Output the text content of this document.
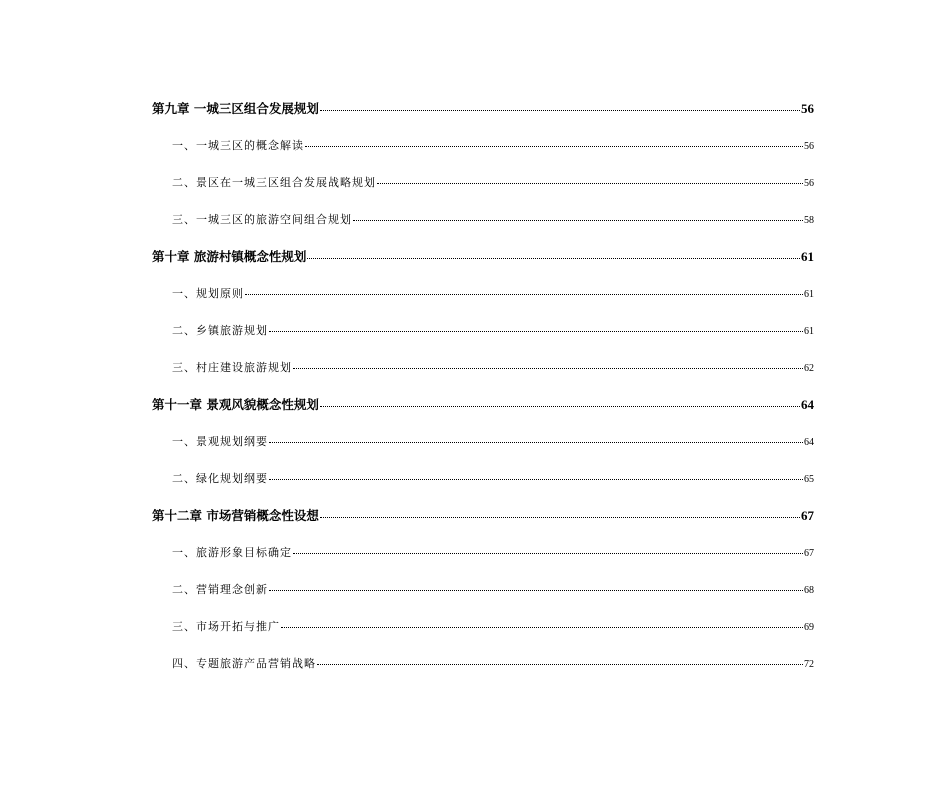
第九章 一城三区组合发展规划	56
一、一城三区的概念解读	56
二、景区在一城三区组合发展战略规划	56
三、一城三区的旅游空间组合规划	58
第十章 旅游村镇概念性规划	61
一、规划原则	61
二、乡镇旅游规划	61
三、村庄建设旅游规划	62
第十一章 景观风貌概念性规划	64
一、景观规划纲要	64
二、绿化规划纲要	65
第十二章 市场营销概念性设想	67
一、旅游形象目标确定	67
二、营销理念创新	68
三、市场开拓与推广	69
四、专题旅游产品营销战略	72
